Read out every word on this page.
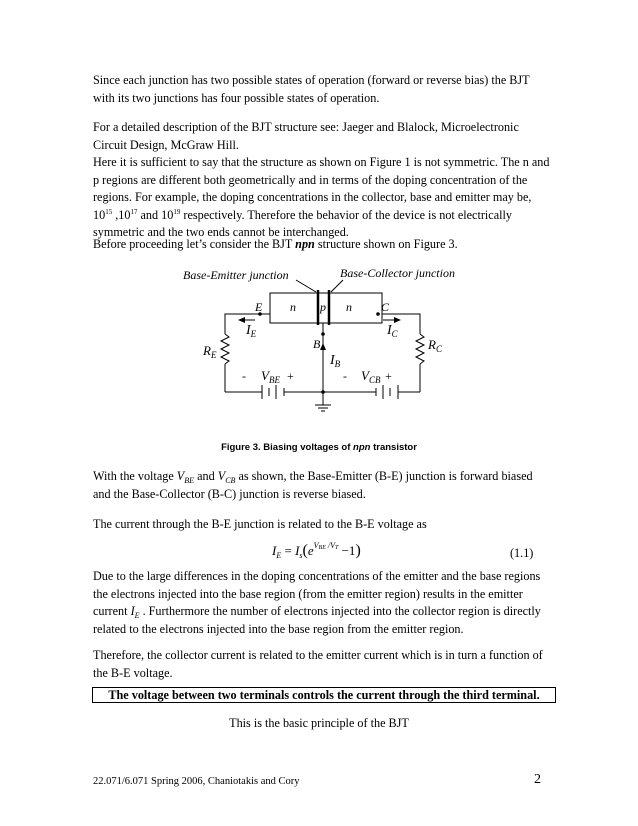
Since each junction has two possible states of operation (forward or reverse bias) the BJT with its two junctions has four possible states of operation.

For a detailed description of the BJT structure see: Jaeger and Blalock, Microelectronic Circuit Design, McGraw Hill.

Here it is sufficient to say that the structure as shown on Figure 1 is not symmetric. The n and p regions are different both geometrically and in terms of the doping concentration of the regions. For example, the doping concentrations in the collector, base and emitter may be, $10^{15}$ $,10^{17}$ and $10^{19}$ respectively. Therefore the behavior of the device is not electrically symmetric and the two ends cannot be interchanged.

Before proceeding let’s consider the BJT npn structure shown on Figure 3.

Base-Emitter junction	Base-Collector junction
E	C
n p n
B
$I_E$	$I_C$
$I_B$
$R_E$
$R_C$
$V_{BE}$	$V_{CB}$
-	+	-	+
Figure 3. Biasing voltages of npn transistor

With the voltage $V_{BE}$ and $V_{CB}$ as shown, the Base-Emitter (B-E) junction is forward biased and the Base-Collector (B-C) junction is reverse biased.

The current through the B-E junction is related to the B-E voltage as

$I_E = I_s(e^{V_{BE} /V_T} -1)$	(1.1)

Due to the large differences in the doping concentrations of the emitter and the base regions the electrons injected into the base region (from the emitter region) results in the emitter current $I_E$ . Furthermore the number of electrons injected into the collector region is directly related to the electrons injected into the base region from the emitter region.

Therefore, the collector current is related to the emitter current which is in turn a function of the B-E voltage.

The voltage between two terminals controls the current through the third terminal.
This is the basic principle of the BJT
22.071/6.071 Spring 2006, Chaniotakis and Cory	2
